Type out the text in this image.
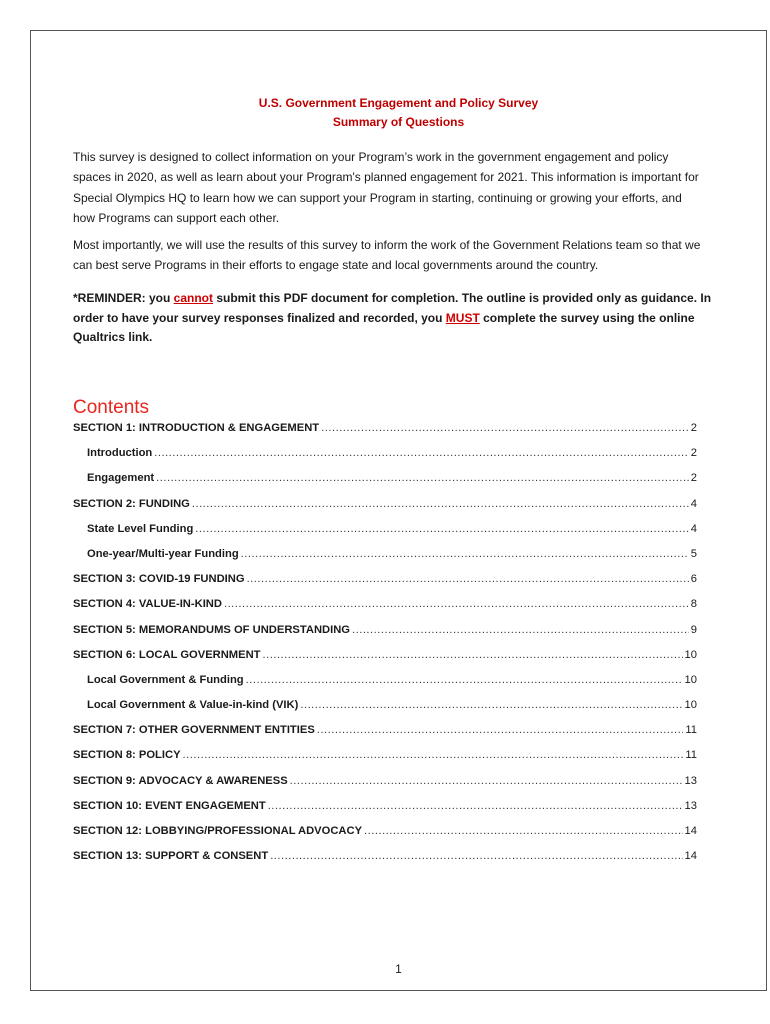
U.S. Government Engagement and Policy Survey
Summary of Questions

This survey is designed to collect information on your Program’s work in the government engagement and policy spaces in 2020, as well as learn about your Program's planned engagement for 2021. This information is important for Special Olympics HQ to learn how we can support your Program in starting, continuing or growing your efforts, and how Programs can support each other.

Most importantly, we will use the results of this survey to inform the work of the Government Relations team so that we can best serve Programs in their efforts to engage state and local governments around the country.

*REMINDER: you cannot submit this PDF document for completion. The outline is provided only as guidance. In order to have your survey responses finalized and recorded, you MUST complete the survey using the online Qualtrics link.

Contents
SECTION 1: INTRODUCTION & ENGAGEMENT .....	2
Introduction .....	2
Engagement .....	2
SECTION 2: FUNDING .....	4
State Level Funding .....	4
One-year/Multi-year Funding .....	5
SECTION 3: COVID-19 FUNDING .....	6
SECTION 4: VALUE-IN-KIND .....	8
SECTION 5: MEMORANDUMS OF UNDERSTANDING .....	9
SECTION 6: LOCAL GOVERNMENT .....	10
Local Government & Funding .....	10
Local Government & Value-in-kind (VIK) .....	10
SECTION 7: OTHER GOVERNMENT ENTITIES .....	11
SECTION 8: POLICY .....	11
SECTION 9: ADVOCACY & AWARENESS .....	13
SECTION 10: EVENT ENGAGEMENT .....	13
SECTION 12: LOBBYING/PROFESSIONAL ADVOCACY .....	14
SECTION 13: SUPPORT & CONSENT .....	14
1
